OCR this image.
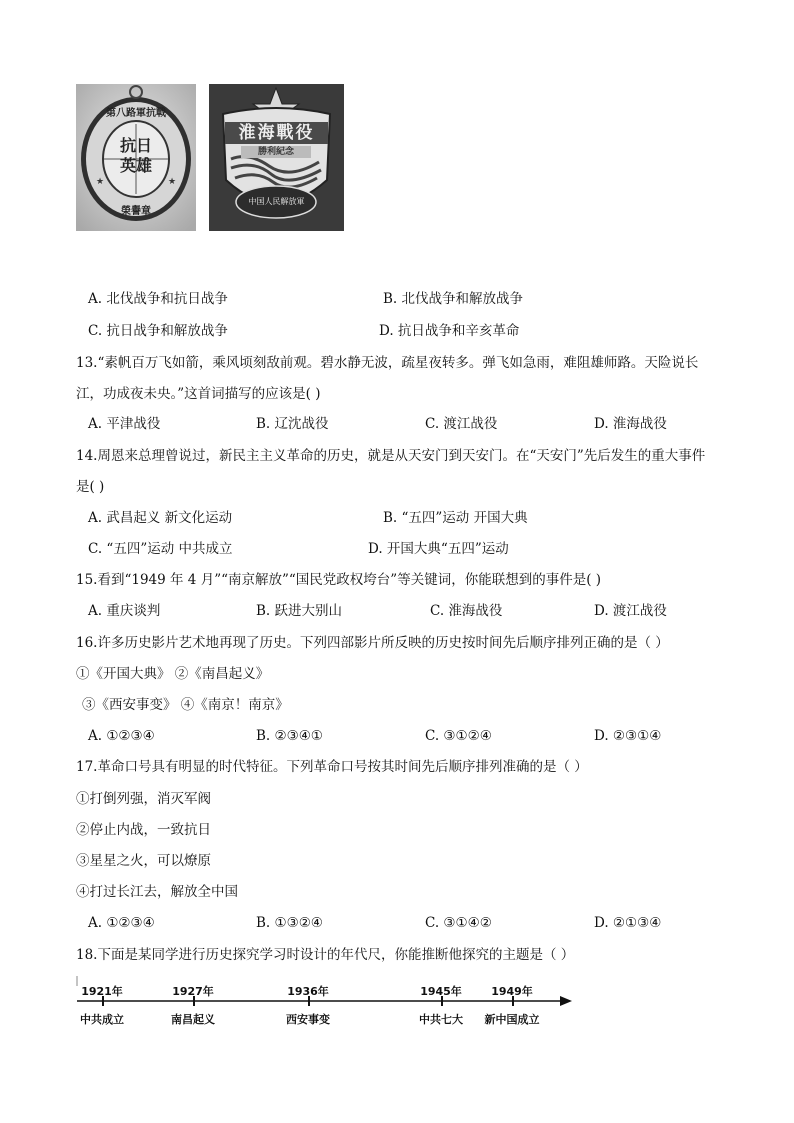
★	★
第八路軍抗戰
抗日英雄
榮譽章
淮海戰役
勝利紀念
中国人民解放軍
A. 北伐战争和抗日战争	B. 北伐战争和解放战争
C. 抗日战争和解放战争	D. 抗日战争和辛亥革命
13.“素帆百万飞如箭，乘风顷刻敌前观。碧水静无波，疏星夜转多。弹飞如急雨，难阻雄师路。天险说长
江，功成夜未央。”这首词描写的应该是( )
A. 平津战役	B. 辽沈战役	C. 渡江战役	D. 淮海战役
14.周恩来总理曾说过，新民主主义革命的历史，就是从天安门到天安门。在“天安门”先后发生的重大事件
是( )
A. 武昌起义 新文化运动	B. “五四”运动 开国大典
C. “五四”运动 中共成立	D. 开国大典“五四”运动
15.看到“1949 年 4 月”“南京解放”“国民党政权垮台”等关键词，你能联想到的事件是( )
A. 重庆谈判	B. 跃进大别山	C. 淮海战役	D. 渡江战役
16.许多历史影片艺术地再现了历史。下列四部影片所反映的历史按时间先后顺序排列正确的是（ ）
①《开国大典》 ②《南昌起义》
③《西安事变》 ④《南京！南京》
A. ①②③④	B. ②③④①	C. ③①②④	D. ②③①④
17.革命口号具有明显的时代特征。下列革命口号按其时间先后顺序排列准确的是（ ）
①打倒列强，消灭军阀
②停止内战，一致抗日
③星星之火，可以燎原
④打过长江去，解放全中国
A. ①②③④	B. ①③②④	C. ③①④②	D. ②①③④
18.下面是某同学进行历史探究学习时设计的年代尺，你能推断他探究的主题是（ ）
1921年
中共成立
1927年
南昌起义
1936年
西安事变
1945年
中共七大
1949年
新中国成立
